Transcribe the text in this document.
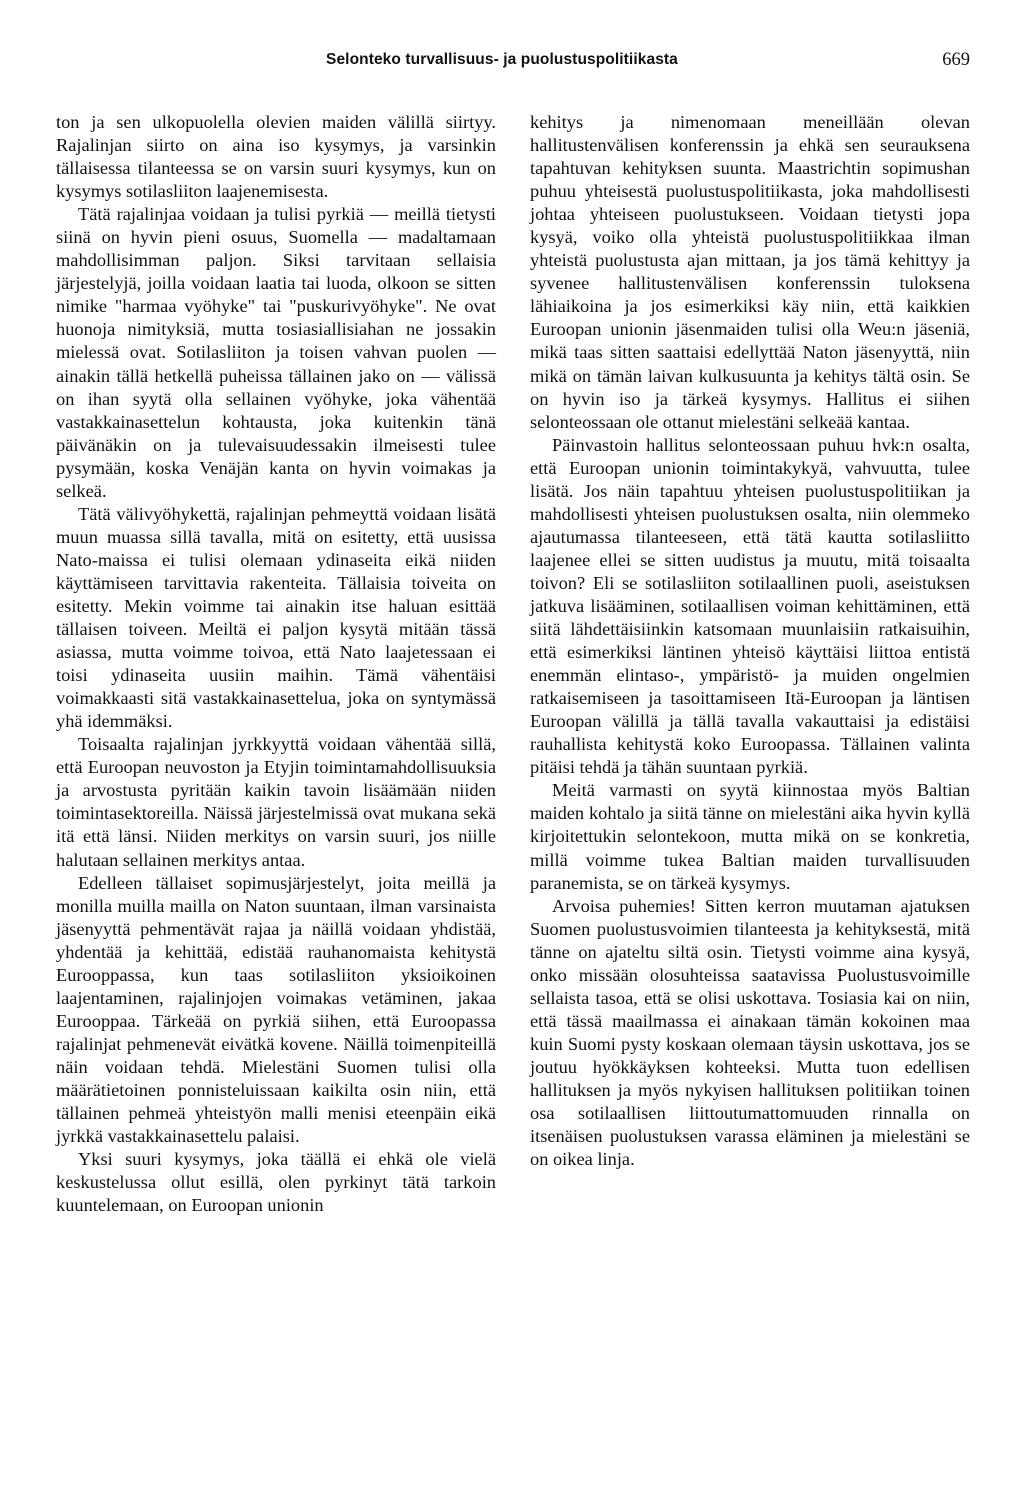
Selonteko turvallisuus- ja puolustuspolitiikasta	669

ton ja sen ulkopuolella olevien maiden välillä siirtyy. Rajalinjan siirto on aina iso kysymys, ja varsinkin tällaisessa tilanteessa se on varsin suuri kysymys, kun on kysymys sotilasliiton laajenemisesta.

Tätä rajalinjaa voidaan ja tulisi pyrkiä — meillä tietysti siinä on hyvin pieni osuus, Suomella — madaltamaan mahdollisimman paljon. Siksi tarvitaan sellaisia järjestelyjä, joilla voidaan laatia tai luoda, olkoon se sitten nimike "harmaa vyöhyke" tai "puskurivyöhyke". Ne ovat huonoja nimityksiä, mutta tosiasiallisiahan ne jossakin mielessä ovat. Sotilasliiton ja toisen vahvan puolen — ainakin tällä hetkellä puheissa tällainen jako on — välissä on ihan syytä olla sellainen vyöhyke, joka vähentää vastakkainasettelun kohtausta, joka kuitenkin tänä päivänäkin on ja tulevaisuudessakin ilmeisesti tulee pysymään, koska Venäjän kanta on hyvin voimakas ja selkeä.

Tätä välivyöhykettä, rajalinjan pehmeyttä voidaan lisätä muun muassa sillä tavalla, mitä on esitetty, että uusissa Nato-maissa ei tulisi olemaan ydinaseita eikä niiden käyttämiseen tarvittavia rakenteita. Tällaisia toiveita on esitetty. Mekin voimme tai ainakin itse haluan esittää tällaisen toiveen. Meiltä ei paljon kysytä mitään tässä asiassa, mutta voimme toivoa, että Nato laajetessaan ei toisi ydinaseita uusiin maihin. Tämä vähentäisi voimakkaasti sitä vastakkainasettelua, joka on syntymässä yhä idemmäksi.

Toisaalta rajalinjan jyrkkyyttä voidaan vähentää sillä, että Euroopan neuvoston ja Etyjin toimintamahdollisuuksia ja arvostusta pyritään kaikin tavoin lisäämään niiden toimintasektoreilla. Näissä järjestelmissä ovat mukana sekä itä että länsi. Niiden merkitys on varsin suuri, jos niille halutaan sellainen merkitys antaa.

Edelleen tällaiset sopimusjärjestelyt, joita meillä ja monilla muilla mailla on Naton suuntaan, ilman varsinaista jäsenyyttä pehmentävät rajaa ja näillä voidaan yhdistää, yhdentää ja kehittää, edistää rauhanomaista kehitystä Eurooppassa, kun taas sotilasliiton yksioikoinen laajentaminen, rajalinjojen voimakas vetäminen, jakaa Eurooppaa. Tärkeää on pyrkiä siihen, että Euroopassa rajalinjat pehmenevät eivätkä kovene. Näillä toimenpiteillä näin voidaan tehdä. Mielestäni Suomen tulisi olla määrätietoinen ponnisteluissaan kaikilta osin niin, että tällainen pehmeä yhteistyön malli menisi eteenpäin eikä jyrkkä vastakkainasettelu palaisi.

Yksi suuri kysymys, joka täällä ei ehkä ole vielä keskustelussa ollut esillä, olen pyrkinyt tätä tarkoin kuuntelemaan, on Euroopan unionin

kehitys ja nimenomaan meneillään olevan hallitustenvälisen konferenssin ja ehkä sen seurauksena tapahtuvan kehityksen suunta. Maastrichtin sopimushan puhuu yhteisestä puolustuspolitiikasta, joka mahdollisesti johtaa yhteiseen puolustukseen. Voidaan tietysti jopa kysyä, voiko olla yhteistä puolustuspolitiikkaa ilman yhteistä puolustusta ajan mittaan, ja jos tämä kehittyy ja syvenee hallitustenvälisen konferenssin tuloksena lähiaikoina ja jos esimerkiksi käy niin, että kaikkien Euroopan unionin jäsenmaiden tulisi olla Weu:n jäseniä, mikä taas sitten saattaisi edellyttää Naton jäsenyyttä, niin mikä on tämän laivan kulkusuunta ja kehitys tältä osin. Se on hyvin iso ja tärkeä kysymys. Hallitus ei siihen selonteossaan ole ottanut mielestäni selkeää kantaa.

Päinvastoin hallitus selonteossaan puhuu hvk:n osalta, että Euroopan unionin toimintakykyä, vahvuutta, tulee lisätä. Jos näin tapahtuu yhteisen puolustuspolitiikan ja mahdollisesti yhteisen puolustuksen osalta, niin olemmeko ajautumassa tilanteeseen, että tätä kautta sotilasliitto laajenee ellei se sitten uudistus ja muutu, mitä toisaalta toivon? Eli se sotilasliiton sotilaallinen puoli, aseistuksen jatkuva lisääminen, sotilaallisen voiman kehittäminen, että siitä lähdettäisiinkin katsomaan muunlaisiin ratkaisuihin, että esimerkiksi läntinen yhteisö käyttäisi liittoa entistä enemmän elintaso-, ympäristö- ja muiden ongelmien ratkaisemiseen ja tasoittamiseen Itä-Euroopan ja läntisen Euroopan välillä ja tällä tavalla vakauttaisi ja edistäisi rauhallista kehitystä koko Euroopassa. Tällainen valinta pitäisi tehdä ja tähän suuntaan pyrkiä.

Meitä varmasti on syytä kiinnostaa myös Baltian maiden kohtalo ja siitä tänne on mielestäni aika hyvin kyllä kirjoitettukin selontekoon, mutta mikä on se konkretia, millä voimme tukea Baltian maiden turvallisuuden paranemista, se on tärkeä kysymys.

Arvoisa puhemies! Sitten kerron muutaman ajatuksen Suomen puolustusvoimien tilanteesta ja kehityksestä, mitä tänne on ajateltu siltä osin. Tietysti voimme aina kysyä, onko missään olosuhteissa saatavissa Puolustusvoimille sellaista tasoa, että se olisi uskottava. Tosiasia kai on niin, että tässä maailmassa ei ainakaan tämän kokoinen maa kuin Suomi pysty koskaan olemaan täysin uskottava, jos se joutuu hyökkäyksen kohteeksi. Mutta tuon edellisen hallituksen ja myös nykyisen hallituksen politiikan toinen osa sotilaallisen liittoutumattomuuden rinnalla on itsenäisen puolustuksen varassa eläminen ja mielestäni se on oikea linja.
